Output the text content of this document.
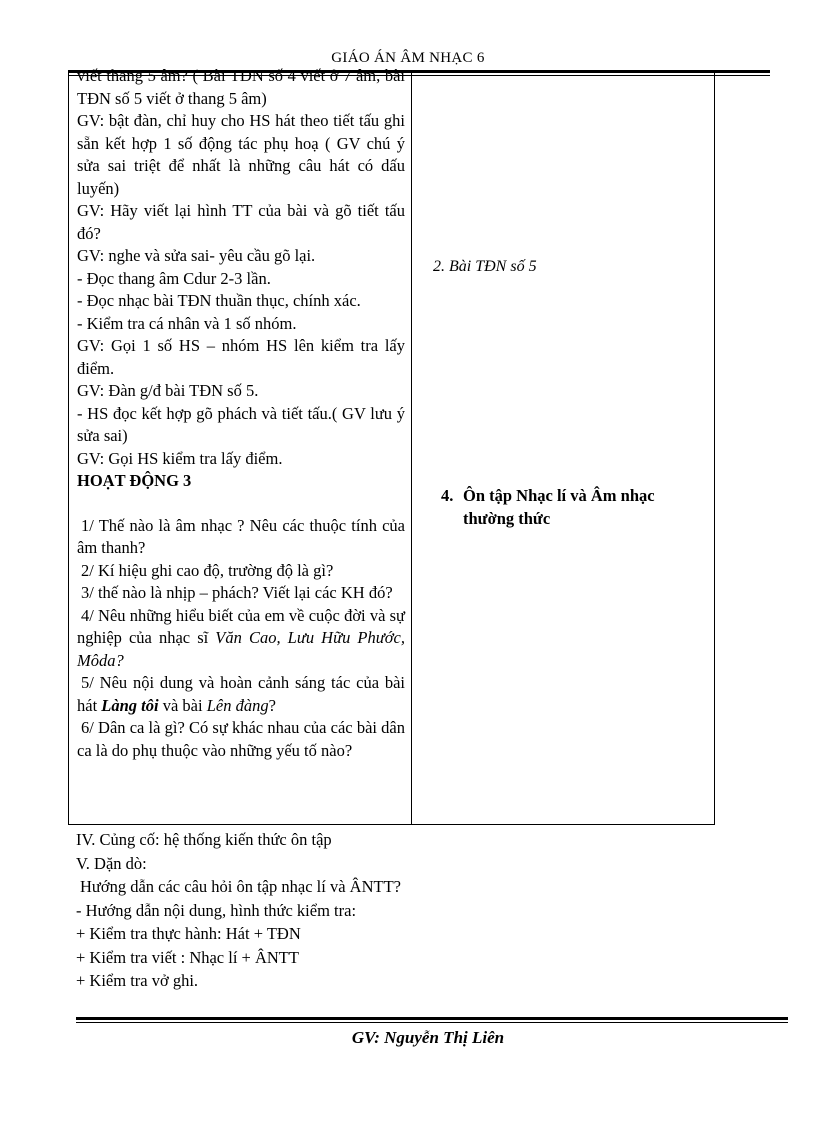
GIÁO ÁN ÂM NHẠC 6

viết thang 5 âm? ( Bài TĐN số 4 viết ở 7 âm, bài TĐN số 5 viết ở thang 5 âm)

GV: bật đàn, chỉ huy cho HS hát theo tiết tấu ghi sẵn kết hợp 1 số động tác phụ hoạ ( GV chú ý sửa sai triệt để nhất là những câu hát có dấu luyến)

GV: Hãy viết lại hình TT của bài và gõ tiết tấu đó?

GV: nghe và sửa sai- yêu cầu gõ lại.

- Đọc thang âm Cdur 2-3 lần.

- Đọc nhạc bài TĐN thuần thục, chính xác.

- Kiểm tra cá nhân và 1 số nhóm.

GV: Gọi 1 số HS – nhóm HS lên kiểm tra lấy điểm.

GV: Đàn g/đ bài TĐN số 5.

- HS đọc kết hợp gõ phách và tiết tấu.( GV lưu ý sửa sai)

GV: Gọi HS kiểm tra lấy điểm.

HOẠT ĐỘNG 3

1/ Thế nào là âm nhạc ? Nêu các thuộc tính của âm thanh?

2/ Kí hiệu ghi cao độ, trường độ là gì?

3/ thế nào là nhịp – phách? Viết lại các KH đó?

4/ Nêu những hiểu biết của em về cuộc đời và sự nghiệp của nhạc sĩ Văn Cao, Lưu Hữu Phước, Môda?

5/ Nêu nội dung và hoàn cảnh sáng tác của bài hát Làng tôi và bài Lên đàng?

6/ Dân ca là gì? Có sự khác nhau của các bài dân ca là do phụ thuộc vào những yếu tố nào?

2. Bài TĐN số 5
4. Ôn tập Nhạc lí và Âm nhạc
thường thức

IV. Củng cố: hệ thống kiến thức ôn tập

V. Dặn dò:

Hướng dẫn các câu hỏi ôn tập nhạc lí và ÂNTT?

- Hướng dẫn nội dung, hình thức kiểm tra:

+ Kiểm tra thực hành: Hát + TĐN

+ Kiểm tra viết : Nhạc lí + ÂNTT

+ Kiểm tra vở ghi.

GV: Nguyễn Thị Liên
